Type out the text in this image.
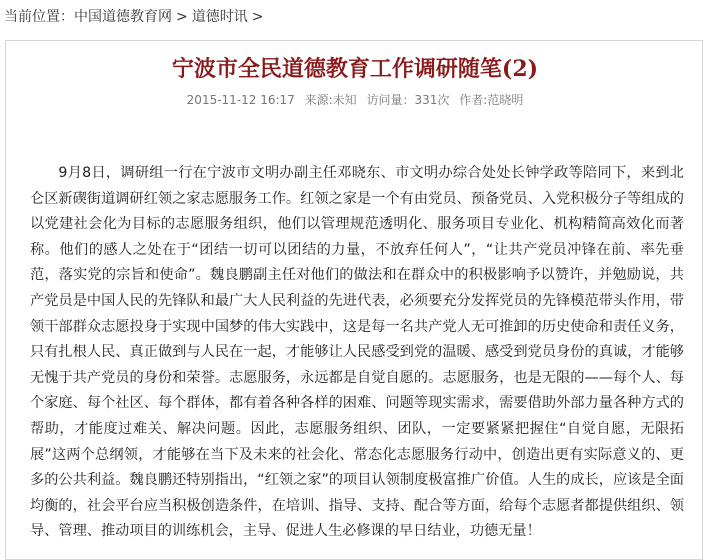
当前位置：中国道德教育网 > 道德时讯 >
宁波市全民道德教育工作调研随笔(2)
2015-11-12 16:17 来源:未知 访问量：331次 作者:范晓明

9月8日，调研组一行在宁波市文明办副主任邓晓东、市文明办综合处处长钟学政等陪同下，来到北仑区新碶街道调研红领之家志愿服务工作。红领之家是一个有由党员、预备党员、入党积极分子等组成的以党建社会化为目标的志愿服务组织，他们以管理规范透明化、服务项目专业化、机构精简高效化而著称。他们的感人之处在于“团结一切可以团结的力量，不放弃任何人”，“让共产党员冲锋在前、率先垂范，落实党的宗旨和使命”。魏良鹏副主任对他们的做法和在群众中的积极影响予以赞许，并勉励说，共产党员是中国人民的先锋队和最广大人民利益的先进代表，必须要充分发挥党员的先锋模范带头作用，带领干部群众志愿投身于实现中国梦的伟大实践中，这是每一名共产党人无可推卸的历史使命和责任义务，只有扎根人民、真正做到与人民在一起，才能够让人民感受到党的温暖、感受到党员身份的真诚，才能够无愧于共产党员的身份和荣誉。志愿服务，永远都是自觉自愿的。志愿服务，也是无限的——每个人、每个家庭、每个社区、每个群体，都有着各种各样的困难、问题等现实需求，需要借助外部力量各种方式的帮助，才能度过难关、解决问题。因此，志愿服务组织、团队，一定要紧紧把握住“自觉自愿，无限拓展”这两个总纲领，才能够在当下及未来的社会化、常态化志愿服务行动中，创造出更有实际意义的、更多的公共利益。魏良鹏还特别指出，“红领之家”的项目认领制度极富推广价值。人生的成长，应该是全面均衡的，社会平台应当积极创造条件，在培训、指导、支持、配合等方面，给每个志愿者都提供组织、领导、管理、推动项目的训练机会，主导、促进人生必修课的早日结业，功德无量！
